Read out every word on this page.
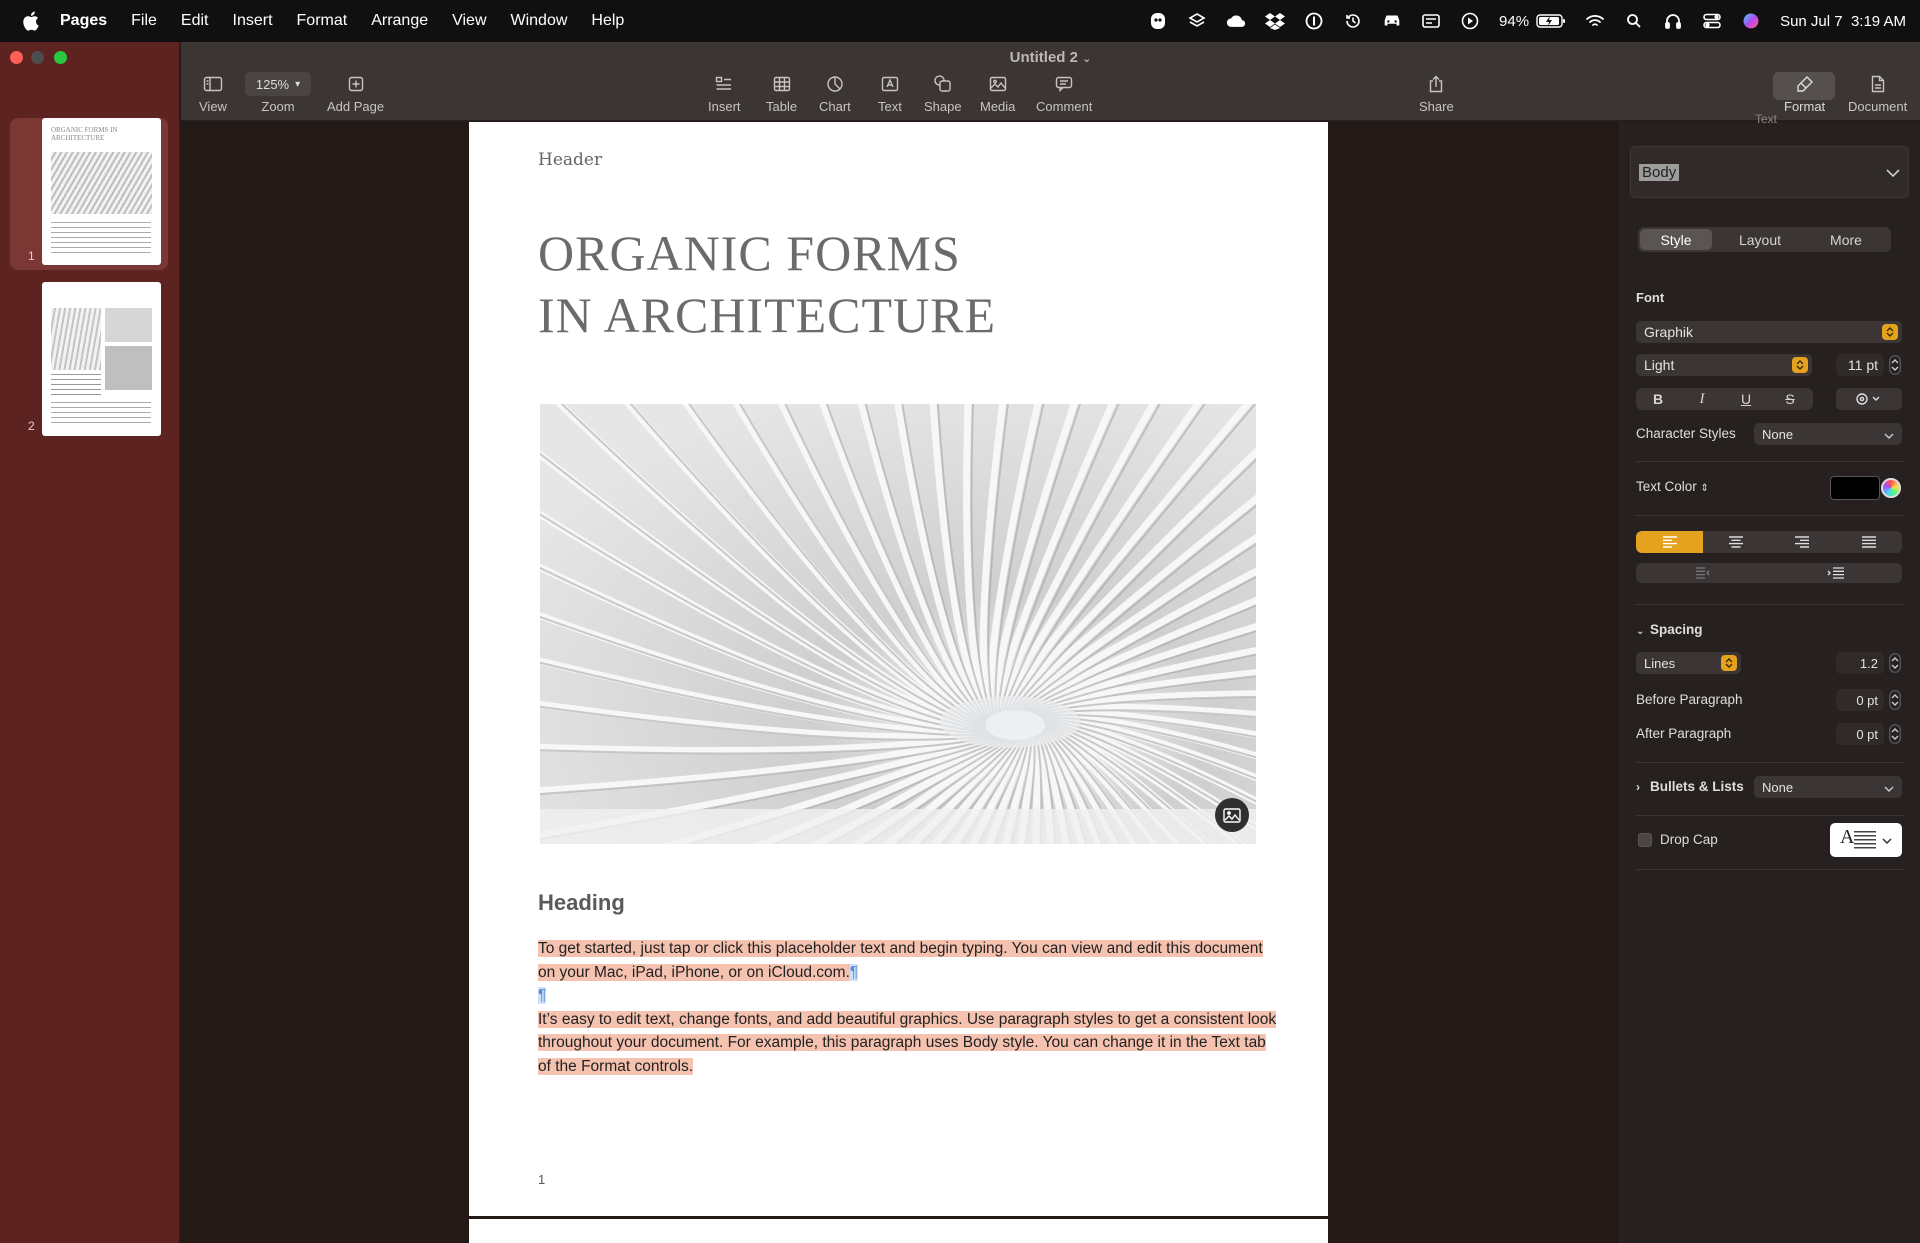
Pages	File	Edit	Insert	Format	Arrange	View	Window	Help	94%	Sun Jul 7  3:19 AM
ORGANIC FORMS IN ARCHITECTURE
1
2
Untitled 2 ⌄
View
125% ▾
Zoom Add Page	Insert Table Chart Text Shape Media Comment	Share	Format Document
Header
ORGANIC FORMS
IN ARCHITECTURE
Heading
To get started, just tap or click this placeholder text and begin typing. You can view and edit this document on your Mac, iPad, iPhone, or on iCloud.com.¶
¶
It’s easy to edit text, change fonts, and add beautiful graphics. Use paragraph styles to get a consistent look throughout your document. For example, this paragraph uses Body style. You can change it in the Text tab of the Format controls.
1
Text
Body
Style	Layout	More
Font
Graphik
Light	11 pt
B	I	U	S
Character Styles None
Text Color ⇕
⌄ Spacing
Lines	1.2
Before Paragraph	0 pt
After Paragraph	0 pt
› Bullets & Lists None
Drop Cap	A
